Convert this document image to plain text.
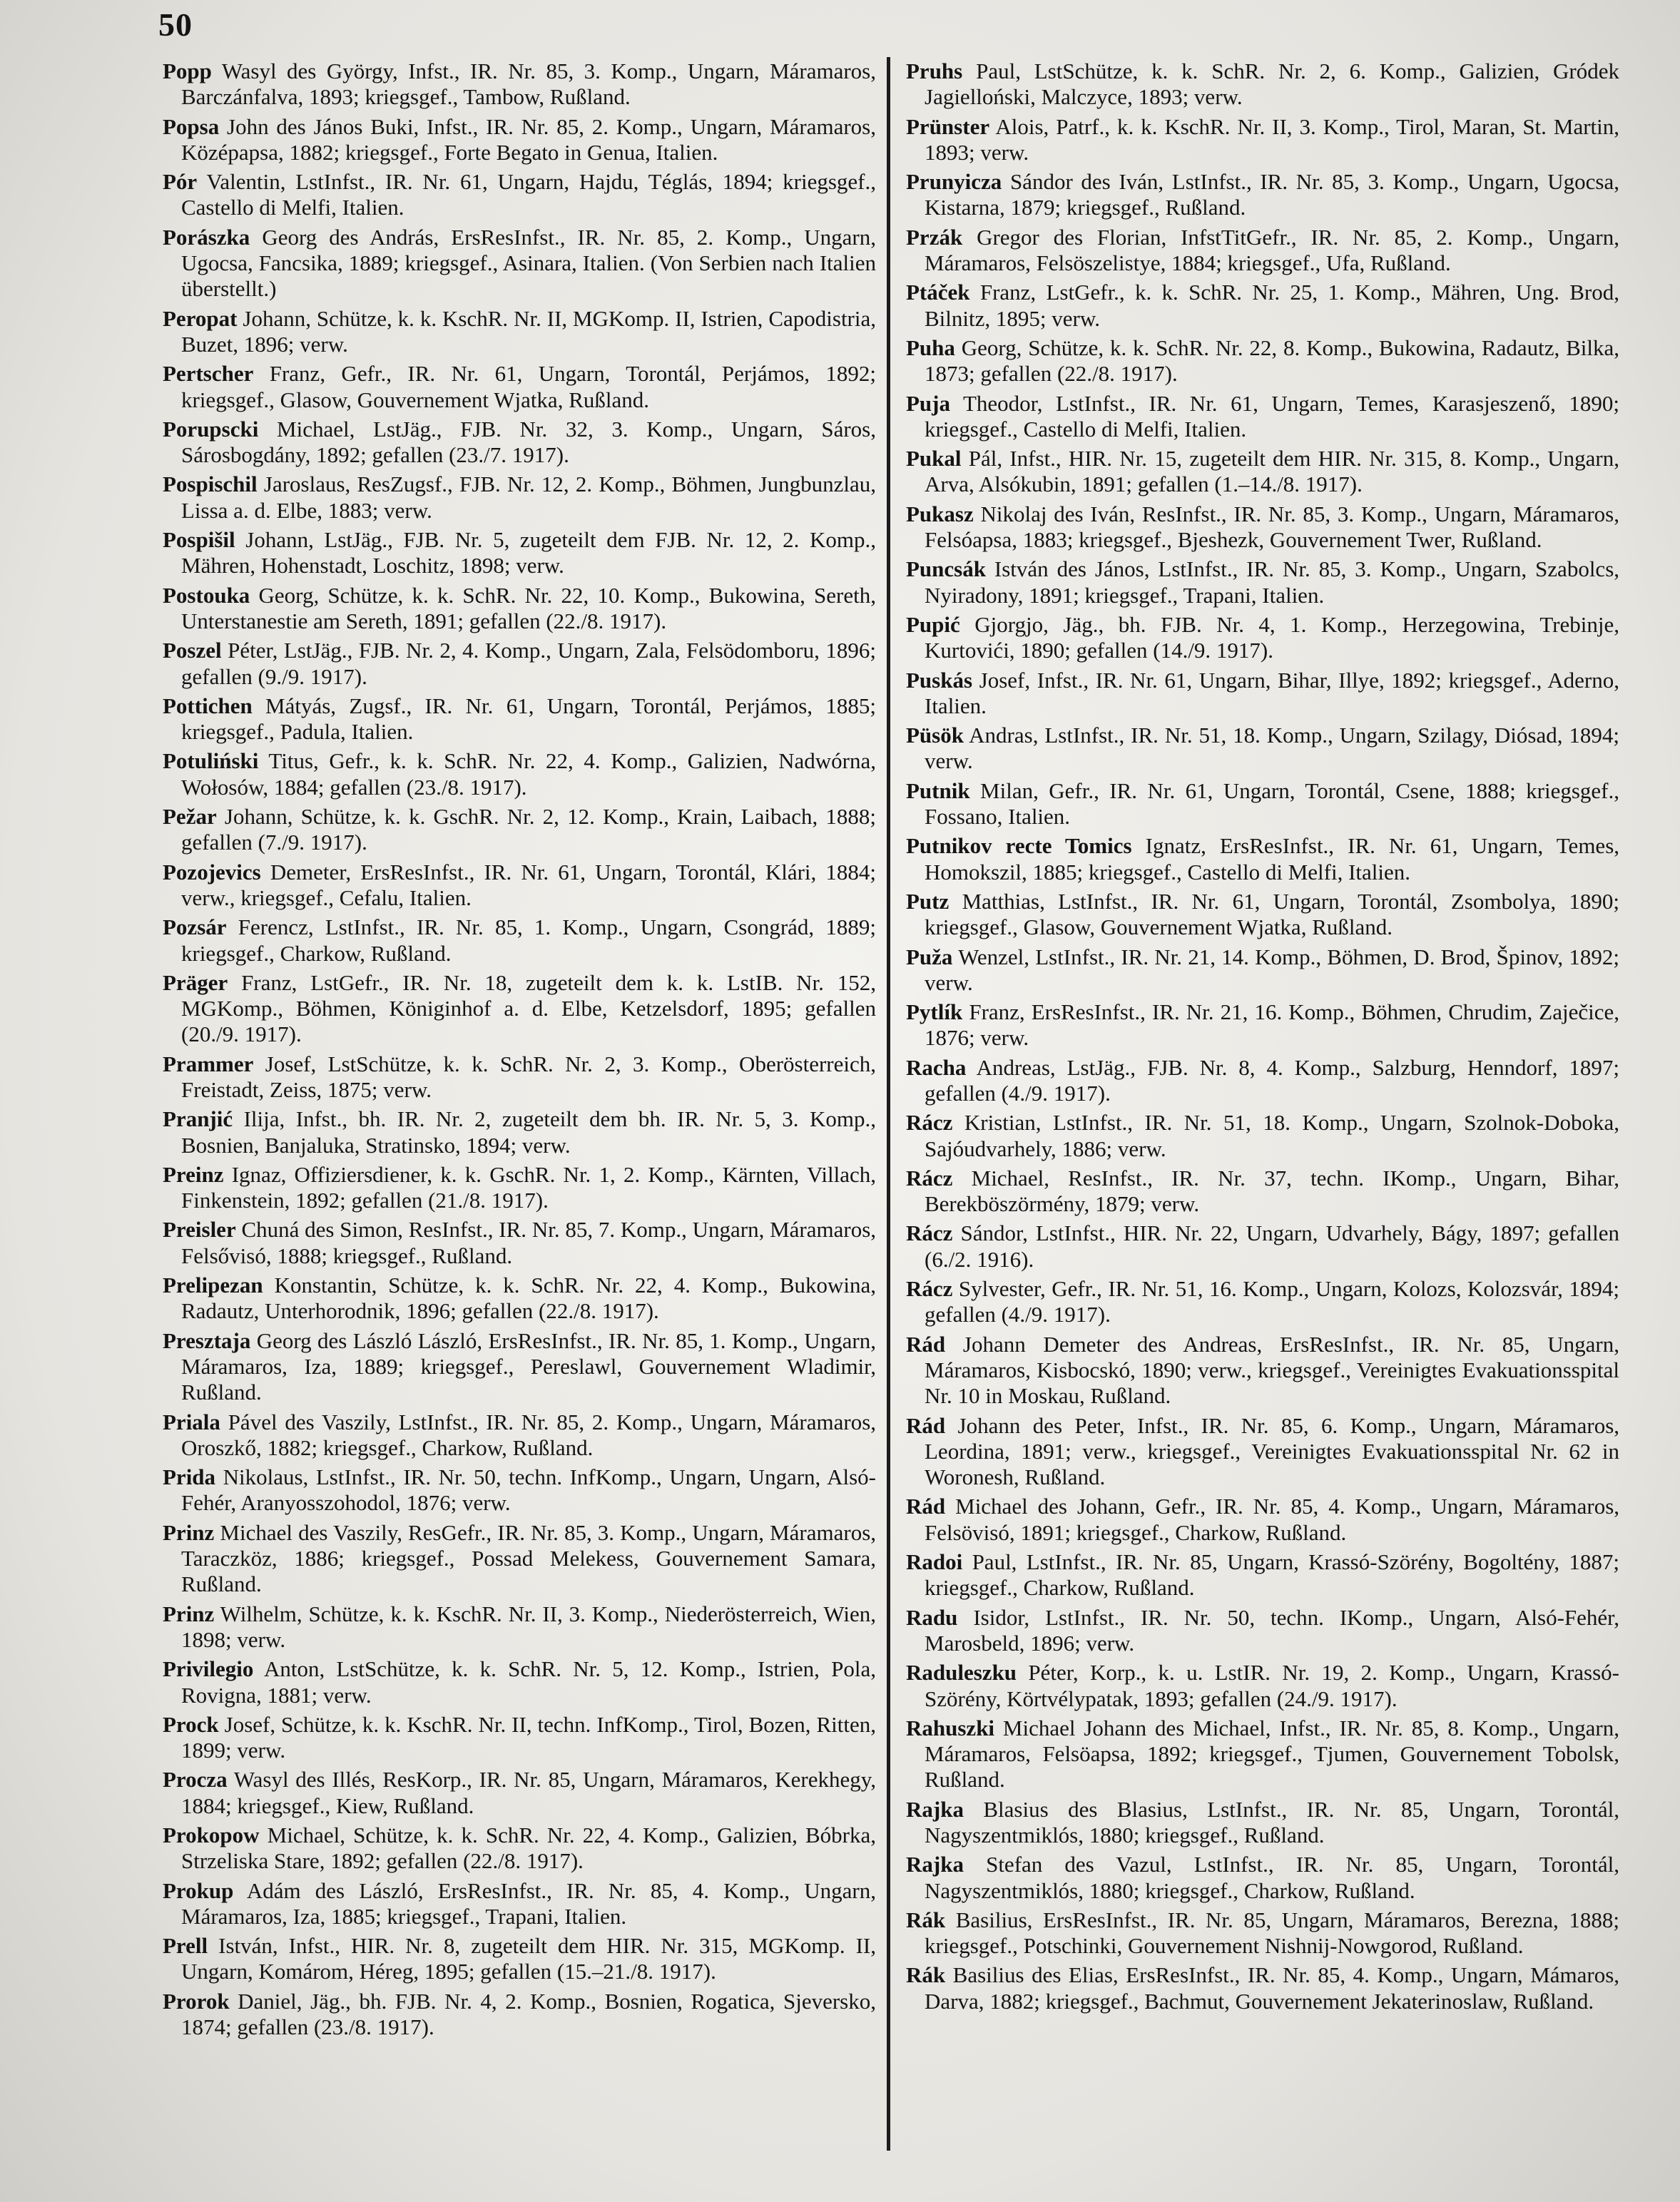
50

Popp Wasyl des György, Infst., IR. Nr. 85, 3. Komp., Ungarn, Máramaros, Barczánfalva, 1893; kriegsgef., Tambow, Rußland.

Popsa John des János Buki, Infst., IR. Nr. 85, 2. Komp., Ungarn, Máramaros, Középapsa, 1882; kriegsgef., Forte Begato in Genua, Italien.

Pór Valentin, LstInfst., IR. Nr. 61, Ungarn, Hajdu, Téglás, 1894; kriegsgef., Castello di Melfi, Italien.

Porászka Georg des András, ErsResInfst., IR. Nr. 85, 2. Komp., Ungarn, Ugocsa, Fancsika, 1889; kriegsgef., Asinara, Italien. (Von Serbien nach Italien überstellt.)

Peropat Johann, Schütze, k. k. KschR. Nr. II, MGKomp. II, Istrien, Capodistria, Buzet, 1896; verw.

Pertscher Franz, Gefr., IR. Nr. 61, Ungarn, Torontál, Perjámos, 1892; kriegsgef., Glasow, Gouvernement Wjatka, Rußland.

Porupscki Michael, LstJäg., FJB. Nr. 32, 3. Komp., Ungarn, Sáros, Sárosbogdány, 1892; gefallen (23./7. 1917).

Pospischil Jaroslaus, ResZugsf., FJB. Nr. 12, 2. Komp., Böhmen, Jungbunzlau, Lissa a. d. Elbe, 1883; verw.

Pospišil Johann, LstJäg., FJB. Nr. 5, zugeteilt dem FJB. Nr. 12, 2. Komp., Mähren, Hohenstadt, Loschitz, 1898; verw.

Postouka Georg, Schütze, k. k. SchR. Nr. 22, 10. Komp., Bukowina, Sereth, Unterstanestie am Sereth, 1891; gefallen (22./8. 1917).

Poszel Péter, LstJäg., FJB. Nr. 2, 4. Komp., Ungarn, Zala, Felsödomboru, 1896; gefallen (9./9. 1917).

Pottichen Mátyás, Zugsf., IR. Nr. 61, Ungarn, Torontál, Perjámos, 1885; kriegsgef., Padula, Italien.

Potuliński Titus, Gefr., k. k. SchR. Nr. 22, 4. Komp., Galizien, Nadwórna, Wołosów, 1884; gefallen (23./8. 1917).

Pežar Johann, Schütze, k. k. GschR. Nr. 2, 12. Komp., Krain, Laibach, 1888; gefallen (7./9. 1917).

Pozojevics Demeter, ErsResInfst., IR. Nr. 61, Ungarn, Torontál, Klári, 1884; verw., kriegsgef., Cefalu, Italien.

Pozsár Ferencz, LstInfst., IR. Nr. 85, 1. Komp., Ungarn, Csongrád, 1889; kriegsgef., Charkow, Rußland.

Präger Franz, LstGefr., IR. Nr. 18, zugeteilt dem k. k. LstIB. Nr. 152, MGKomp., Böhmen, Königinhof a. d. Elbe, Ketzelsdorf, 1895; gefallen (20./9. 1917).

Prammer Josef, LstSchütze, k. k. SchR. Nr. 2, 3. Komp., Oberösterreich, Freistadt, Zeiss, 1875; verw.

Pranjić Ilija, Infst., bh. IR. Nr. 2, zugeteilt dem bh. IR. Nr. 5, 3. Komp., Bosnien, Banjaluka, Stratinsko, 1894; verw.

Preinz Ignaz, Offiziersdiener, k. k. GschR. Nr. 1, 2. Komp., Kärnten, Villach, Finkenstein, 1892; gefallen (21./8. 1917).

Preisler Chuná des Simon, ResInfst., IR. Nr. 85, 7. Komp., Ungarn, Máramaros, Felsővisó, 1888; kriegsgef., Rußland.

Prelipezan Konstantin, Schütze, k. k. SchR. Nr. 22, 4. Komp., Bukowina, Radautz, Unterhorodnik, 1896; gefallen (22./8. 1917).

Presztaja Georg des László László, ErsResInfst., IR. Nr. 85, 1. Komp., Ungarn, Máramaros, Iza, 1889; kriegsgef., Pereslawl, Gouvernement Wladimir, Rußland.

Priala Pável des Vaszily, LstInfst., IR. Nr. 85, 2. Komp., Ungarn, Máramaros, Oroszkő, 1882; kriegsgef., Charkow, Rußland.

Prida Nikolaus, LstInfst., IR. Nr. 50, techn. InfKomp., Ungarn, Ungarn, Alsó-Fehér, Aranyosszohodol, 1876; verw.

Prinz Michael des Vaszily, ResGefr., IR. Nr. 85, 3. Komp., Ungarn, Máramaros, Taraczköz, 1886; kriegsgef., Possad Melekess, Gouvernement Samara, Rußland.

Prinz Wilhelm, Schütze, k. k. KschR. Nr. II, 3. Komp., Niederösterreich, Wien, 1898; verw.

Privilegio Anton, LstSchütze, k. k. SchR. Nr. 5, 12. Komp., Istrien, Pola, Rovigna, 1881; verw.

Prock Josef, Schütze, k. k. KschR. Nr. II, techn. InfKomp., Tirol, Bozen, Ritten, 1899; verw.

Procza Wasyl des Illés, ResKorp., IR. Nr. 85, Ungarn, Máramaros, Kerekhegy, 1884; kriegsgef., Kiew, Rußland.

Prokopow Michael, Schütze, k. k. SchR. Nr. 22, 4. Komp., Galizien, Bóbrka, Strzeliska Stare, 1892; gefallen (22./8. 1917).

Prokup Adám des László, ErsResInfst., IR. Nr. 85, 4. Komp., Ungarn, Máramaros, Iza, 1885; kriegsgef., Trapani, Italien.

Prell István, Infst., HIR. Nr. 8, zugeteilt dem HIR. Nr. 315, MGKomp. II, Ungarn, Komárom, Héreg, 1895; gefallen (15.–21./8. 1917).

Prorok Daniel, Jäg., bh. FJB. Nr. 4, 2. Komp., Bosnien, Rogatica, Sjeversko, 1874; gefallen (23./8. 1917).

Pruhs Paul, LstSchütze, k. k. SchR. Nr. 2, 6. Komp., Galizien, Gródek Jagielloński, Malczyce, 1893; verw.

Prünster Alois, Patrf., k. k. KschR. Nr. II, 3. Komp., Tirol, Maran, St. Martin, 1893; verw.

Prunyicza Sándor des Iván, LstInfst., IR. Nr. 85, 3. Komp., Ungarn, Ugocsa, Kistarna, 1879; kriegsgef., Rußland.

Przák Gregor des Florian, InfstTitGefr., IR. Nr. 85, 2. Komp., Ungarn, Máramaros, Felsöszelistye, 1884; kriegsgef., Ufa, Rußland.

Ptáček Franz, LstGefr., k. k. SchR. Nr. 25, 1. Komp., Mähren, Ung. Brod, Bilnitz, 1895; verw.

Puha Georg, Schütze, k. k. SchR. Nr. 22, 8. Komp., Bukowina, Radautz, Bilka, 1873; gefallen (22./8. 1917).

Puja Theodor, LstInfst., IR. Nr. 61, Ungarn, Temes, Karasjeszenő, 1890; kriegsgef., Castello di Melfi, Italien.

Pukal Pál, Infst., HIR. Nr. 15, zugeteilt dem HIR. Nr. 315, 8. Komp., Ungarn, Arva, Alsókubin, 1891; gefallen (1.–14./8. 1917).

Pukasz Nikolaj des Iván, ResInfst., IR. Nr. 85, 3. Komp., Ungarn, Máramaros, Felsóapsa, 1883; kriegsgef., Bjeshezk, Gouvernement Twer, Rußland.

Puncsák István des János, LstInfst., IR. Nr. 85, 3. Komp., Ungarn, Szabolcs, Nyiradony, 1891; kriegsgef., Trapani, Italien.

Pupić Gjorgjo, Jäg., bh. FJB. Nr. 4, 1. Komp., Herzegowina, Trebinje, Kurtovići, 1890; gefallen (14./9. 1917).

Puskás Josef, Infst., IR. Nr. 61, Ungarn, Bihar, Illye, 1892; kriegsgef., Aderno, Italien.

Püsök Andras, LstInfst., IR. Nr. 51, 18. Komp., Ungarn, Szilagy, Diósad, 1894; verw.

Putnik Milan, Gefr., IR. Nr. 61, Ungarn, Torontál, Csene, 1888; kriegsgef., Fossano, Italien.

Putnikov recte Tomics Ignatz, ErsResInfst., IR. Nr. 61, Ungarn, Temes, Homokszil, 1885; kriegsgef., Castello di Melfi, Italien.

Putz Matthias, LstInfst., IR. Nr. 61, Ungarn, Torontál, Zsombolya, 1890; kriegsgef., Glasow, Gouvernement Wjatka, Rußland.

Puža Wenzel, LstInfst., IR. Nr. 21, 14. Komp., Böhmen, D. Brod, Špinov, 1892; verw.

Pytlík Franz, ErsResInfst., IR. Nr. 21, 16. Komp., Böhmen, Chrudim, Zaječice, 1876; verw.

Racha Andreas, LstJäg., FJB. Nr. 8, 4. Komp., Salzburg, Henndorf, 1897; gefallen (4./9. 1917).

Rácz Kristian, LstInfst., IR. Nr. 51, 18. Komp., Ungarn, Szolnok-Doboka, Sajóudvarhely, 1886; verw.

Rácz Michael, ResInfst., IR. Nr. 37, techn. IKomp., Ungarn, Bihar, Berekböszörmény, 1879; verw.

Rácz Sándor, LstInfst., HIR. Nr. 22, Ungarn, Udvarhely, Bágy, 1897; gefallen (6./2. 1916).

Rácz Sylvester, Gefr., IR. Nr. 51, 16. Komp., Ungarn, Kolozs, Kolozsvár, 1894; gefallen (4./9. 1917).

Rád Johann Demeter des Andreas, ErsResInfst., IR. Nr. 85, Ungarn, Máramaros, Kisbocskó, 1890; verw., kriegsgef., Vereinigtes Evakuationsspital Nr. 10 in Moskau, Rußland.

Rád Johann des Peter, Infst., IR. Nr. 85, 6. Komp., Ungarn, Máramaros, Leordina, 1891; verw., kriegsgef., Vereinigtes Evakuationsspital Nr. 62 in Woronesh, Rußland.

Rád Michael des Johann, Gefr., IR. Nr. 85, 4. Komp., Ungarn, Máramaros, Felsövisó, 1891; kriegsgef., Charkow, Rußland.

Radoi Paul, LstInfst., IR. Nr. 85, Ungarn, Krassó-Szörény, Bogoltény, 1887; kriegsgef., Charkow, Rußland.

Radu Isidor, LstInfst., IR. Nr. 50, techn. IKomp., Ungarn, Alsó-Fehér, Marosbeld, 1896; verw.

Raduleszku Péter, Korp., k. u. LstIR. Nr. 19, 2. Komp., Ungarn, Krassó-Szörény, Körtvélypatak, 1893; gefallen (24./9. 1917).

Rahuszki Michael Johann des Michael, Infst., IR. Nr. 85, 8. Komp., Ungarn, Máramaros, Felsöapsa, 1892; kriegsgef., Tjumen, Gouvernement Tobolsk, Rußland.

Rajka Blasius des Blasius, LstInfst., IR. Nr. 85, Ungarn, Torontál, Nagyszentmiklós, 1880; kriegsgef., Rußland.

Rajka Stefan des Vazul, LstInfst., IR. Nr. 85, Ungarn, Torontál, Nagyszentmiklós, 1880; kriegsgef., Charkow, Rußland.

Rák Basilius, ErsResInfst., IR. Nr. 85, Ungarn, Máramaros, Berezna, 1888; kriegsgef., Potschinki, Gouvernement Nishnij-Nowgorod, Rußland.

Rák Basilius des Elias, ErsResInfst., IR. Nr. 85, 4. Komp., Ungarn, Mámaros, Darva, 1882; kriegsgef., Bachmut, Gouvernement Jekaterinoslaw, Rußland.
